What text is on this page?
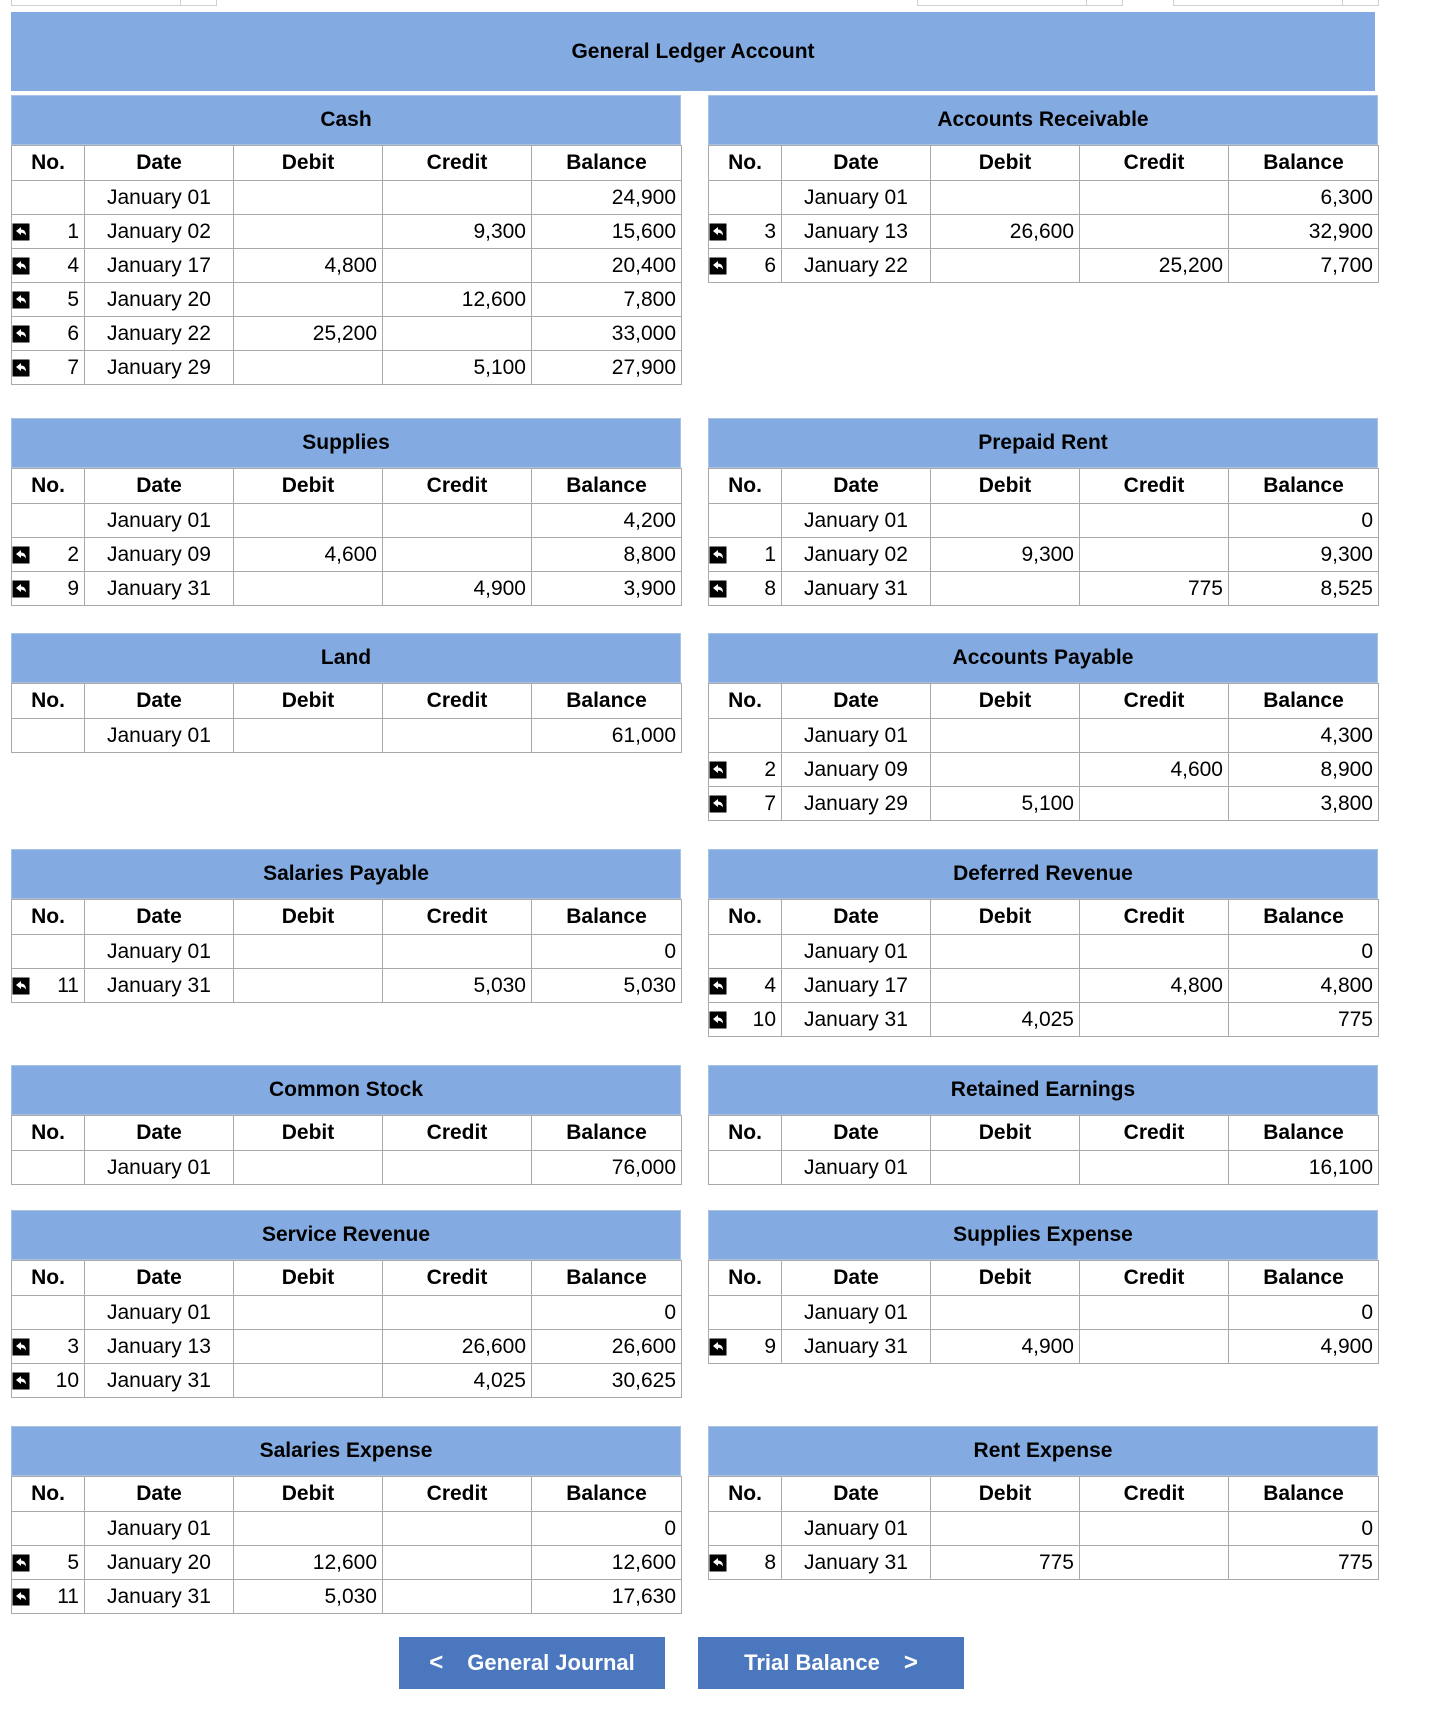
General Ledger Account
Cash
No.	Date	Debit	Credit	Balance
	January 01			24,900

1	January 02		9,300	15,600

4	January 17	4,800		20,400

5	January 20		12,600	7,800

6	January 22	25,200		33,000

7	January 29		5,100	27,900
Accounts Receivable
No.	Date	Debit	Credit	Balance
	January 01			6,300

3	January 13	26,600		32,900

6	January 22		25,200	7,700
Supplies
No.	Date	Debit	Credit	Balance
	January 01			4,200

2	January 09	4,600		8,800

9	January 31		4,900	3,900
Prepaid Rent
No.	Date	Debit	Credit	Balance
	January 01			0

1	January 02	9,300		9,300

8	January 31		775	8,525
Land
No.	Date	Debit	Credit	Balance
	January 01			61,000
Accounts Payable
No.	Date	Debit	Credit	Balance
	January 01			4,300

2	January 09		4,600	8,900

7	January 29	5,100		3,800
Salaries Payable
No.	Date	Debit	Credit	Balance
	January 01			0

11	January 31		5,030	5,030
Deferred Revenue
No.	Date	Debit	Credit	Balance
	January 01			0

4	January 17		4,800	4,800

10	January 31	4,025		775
Common Stock
No.	Date	Debit	Credit	Balance
	January 01			76,000
Retained Earnings
No.	Date	Debit	Credit	Balance
	January 01			16,100
Service Revenue
No.	Date	Debit	Credit	Balance
	January 01			0

3	January 13		26,600	26,600

10	January 31		4,025	30,625
Supplies Expense
No.	Date	Debit	Credit	Balance
	January 01			0

9	January 31	4,900		4,900
Salaries Expense
No.	Date	Debit	Credit	Balance
	January 01			0

5	January 20	12,600		12,600

11	January 31	5,030		17,630
Rent Expense
No.	Date	Debit	Credit	Balance
	January 01			0

8	January 31	775		775
< General Journal	Trial Balance >
